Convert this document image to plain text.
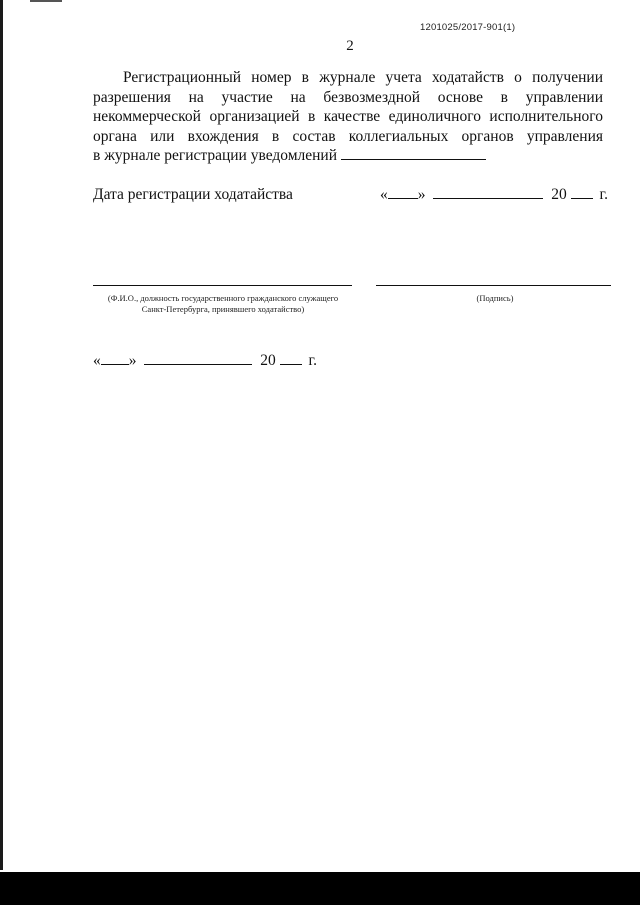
1201025/2017-901(1)
2

Регистрационный номер в журнале учета ходатайств о получении
разрешения на участие на безвозмездной основе в управлении
некоммерческой организацией в качестве единоличного исполнительного
органа или вхождения в состав коллегиальных органов управления
в журнале регистрации уведомлений

Дата регистрации ходатайства	« »	20 г.
(Ф.И.О., должность государственного гражданского служащего Санкт-Петербурга, принявшего ходатайство)
(Подпись)
« »	20 г.
